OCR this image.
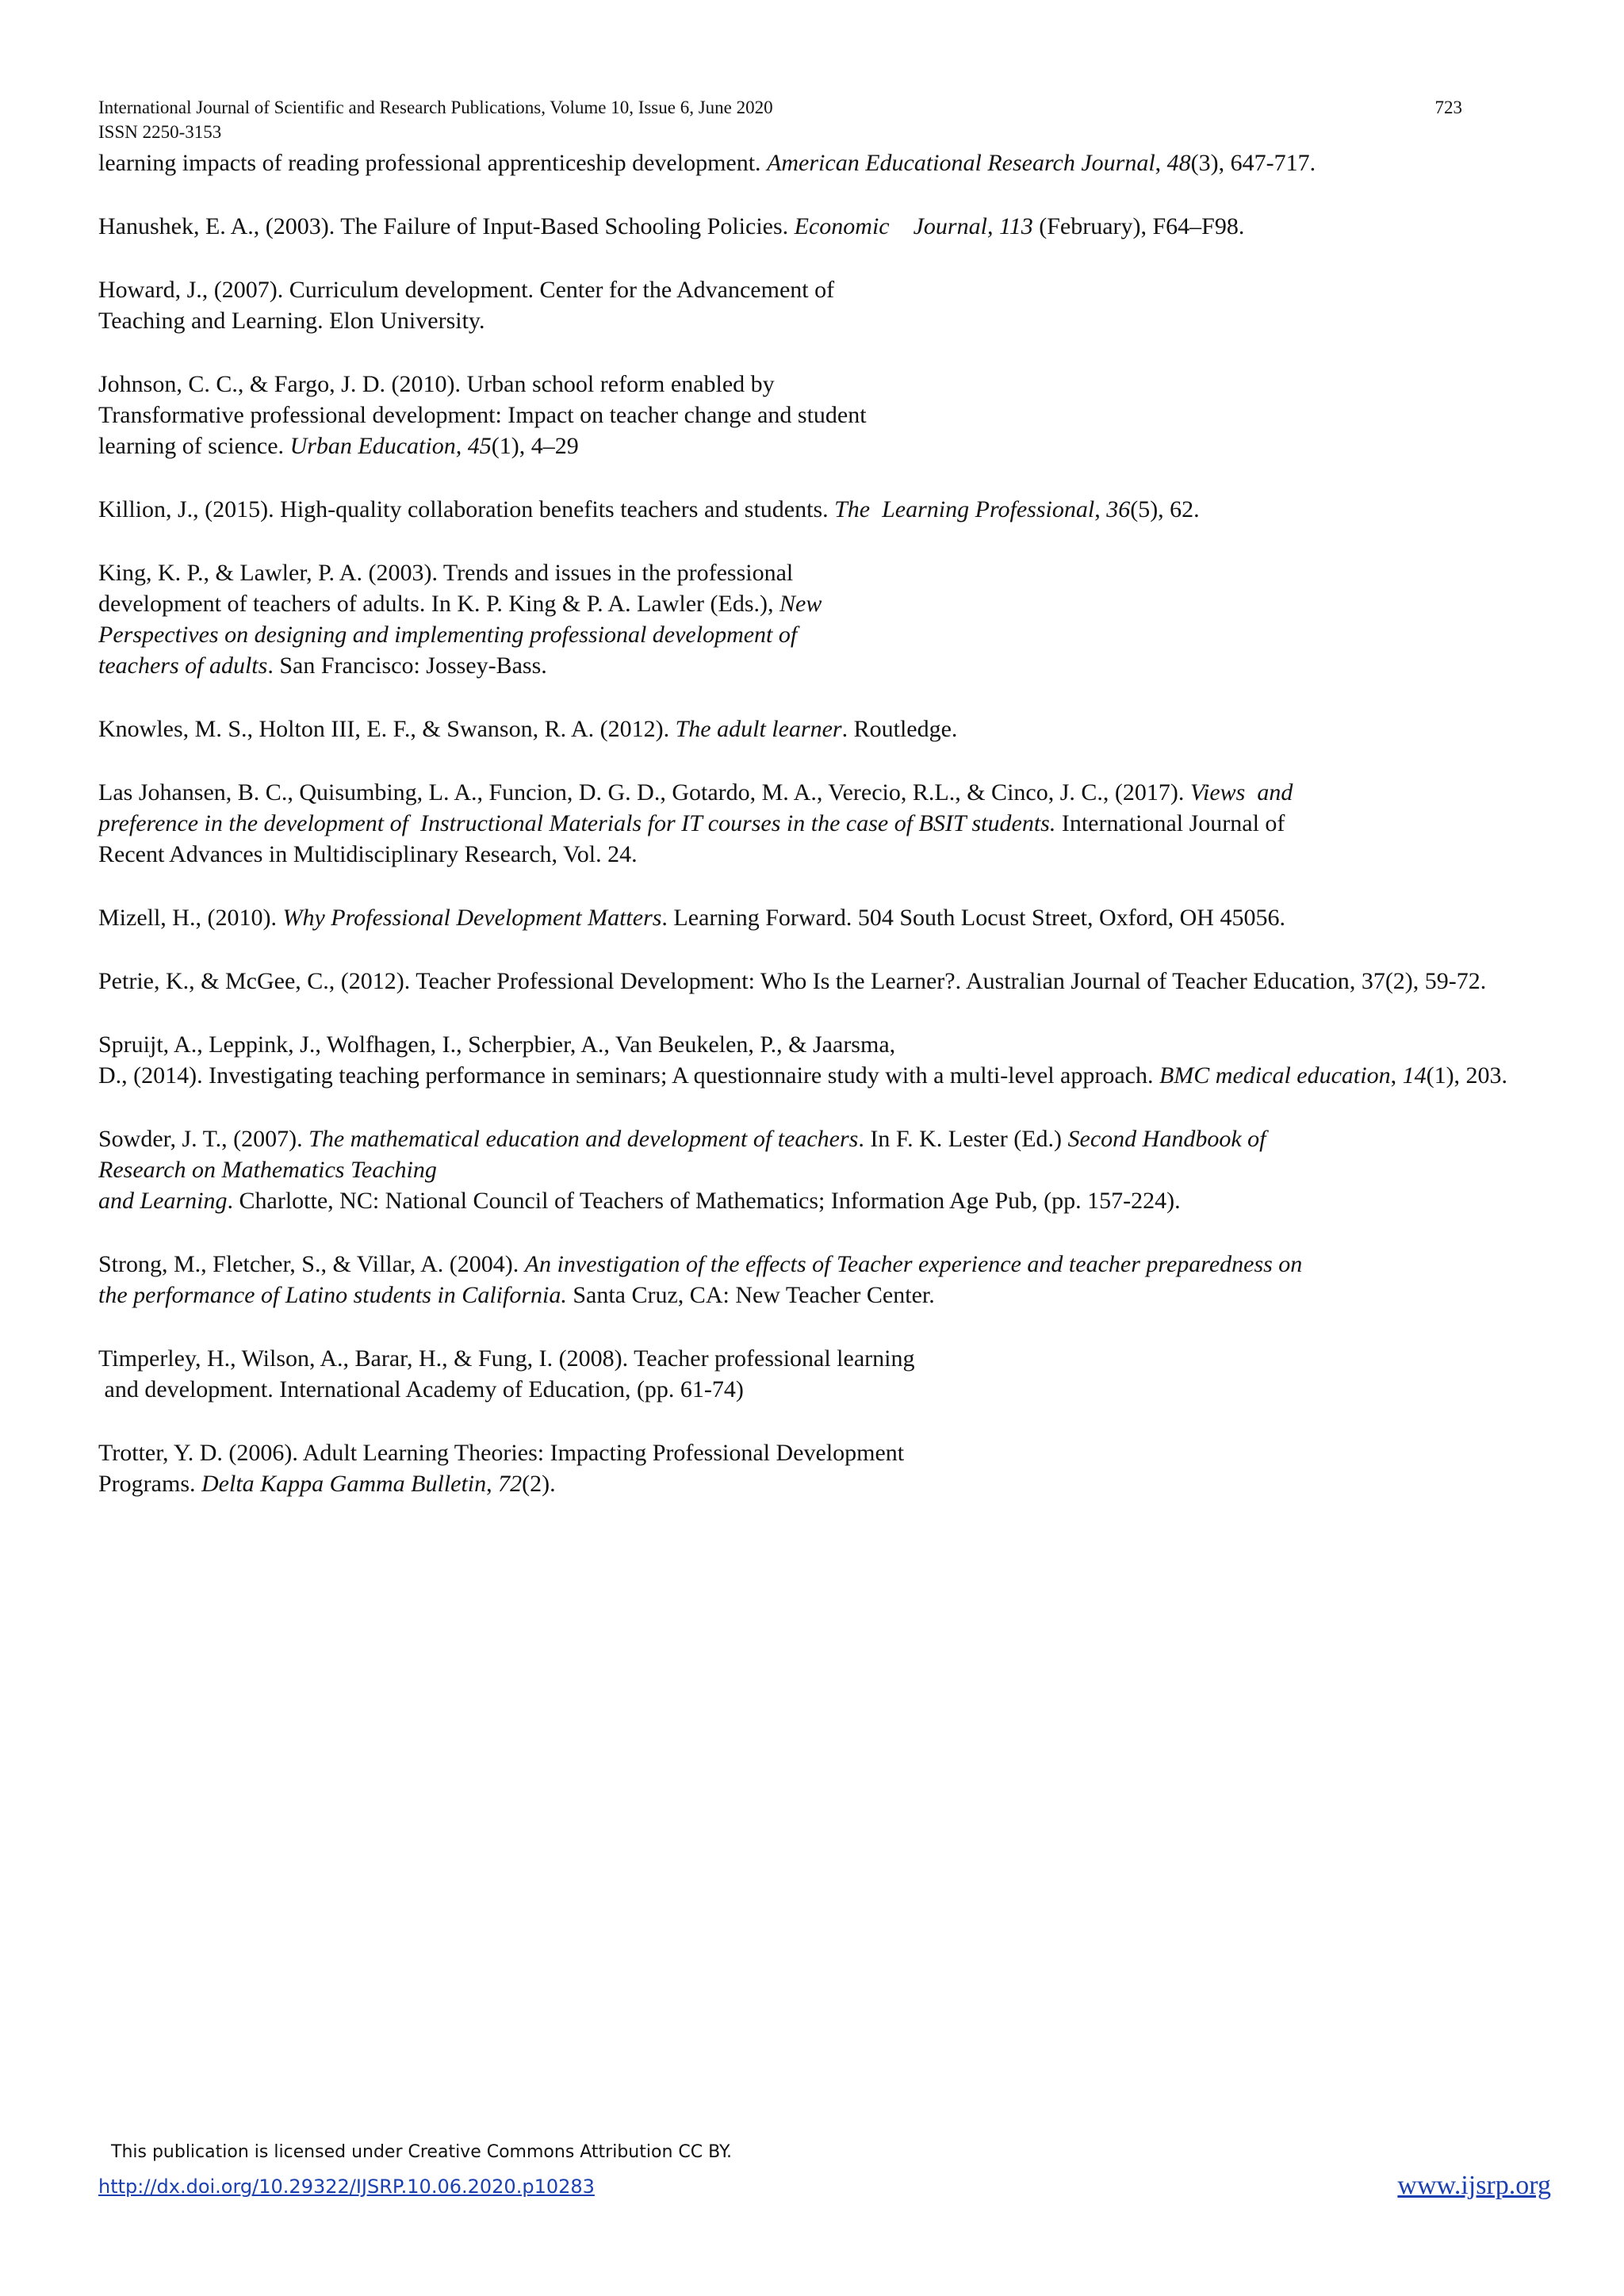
International Journal of Scientific and Research Publications, Volume 10, Issue 6, June 2020
ISSN 2250-3153
723
learning impacts of reading professional apprenticeship development. American Educational Research Journal, 48(3), 647-717.
Hanushek, E. A., (2003). The Failure of Input-Based Schooling Policies. Economic    Journal, 113 (February), F64–F98.
Howard, J., (2007). Curriculum development. Center for the Advancement of
Teaching and Learning. Elon University.
Johnson, C. C., & Fargo, J. D. (2010). Urban school reform enabled by
Transformative professional development: Impact on teacher change and student
learning of science. Urban Education, 45(1), 4–29
Killion, J., (2015). High-quality collaboration benefits teachers and students. The  Learning Professional, 36(5), 62.
King, K. P., & Lawler, P. A. (2003). Trends and issues in the professional
development of teachers of adults. In K. P. King & P. A. Lawler (Eds.), New
Perspectives on designing and implementing professional development of
teachers of adults. San Francisco: Jossey-Bass.
Knowles, M. S., Holton III, E. F., & Swanson, R. A. (2012). The adult learner. Routledge.
Las Johansen, B. C., Quisumbing, L. A., Funcion, D. G. D., Gotardo, M. A., Verecio, R.L., & Cinco, J. C., (2017). Views  and
preference in the development of  Instructional Materials for IT courses in the case of BSIT students. International Journal of
Recent Advances in Multidisciplinary Research, Vol. 24.
Mizell, H., (2010). Why Professional Development Matters. Learning Forward. 504 South Locust Street, Oxford, OH 45056.
Petrie, K., & McGee, C., (2012). Teacher Professional Development: Who Is the Learner?. Australian Journal of Teacher Education, 37(2), 59-72.
Spruijt, A., Leppink, J., Wolfhagen, I., Scherpbier, A., Van Beukelen, P., & Jaarsma,
D., (2014). Investigating teaching performance in seminars; A questionnaire study with a multi-level approach. BMC medical education, 14(1), 203.
Sowder, J. T., (2007). The mathematical education and development of teachers. In F. K. Lester (Ed.) Second Handbook of
Research on Mathematics Teaching
and Learning. Charlotte, NC: National Council of Teachers of Mathematics; Information Age Pub, (pp. 157-224).
Strong, M., Fletcher, S., & Villar, A. (2004). An investigation of the effects of Teacher experience and teacher preparedness on
the performance of Latino students in California. Santa Cruz, CA: New Teacher Center.
Timperley, H., Wilson, A., Barar, H., & Fung, I. (2008). Teacher professional learning
and development. International Academy of Education, (pp. 61-74)
Trotter, Y. D. (2006). Adult Learning Theories: Impacting Professional Development
Programs. Delta Kappa Gamma Bulletin, 72(2).
This publication is licensed under Creative Commons Attribution CC BY.
http://dx.doi.org/10.29322/IJSRP.10.06.2020.p10283	www.ijsrp.org
